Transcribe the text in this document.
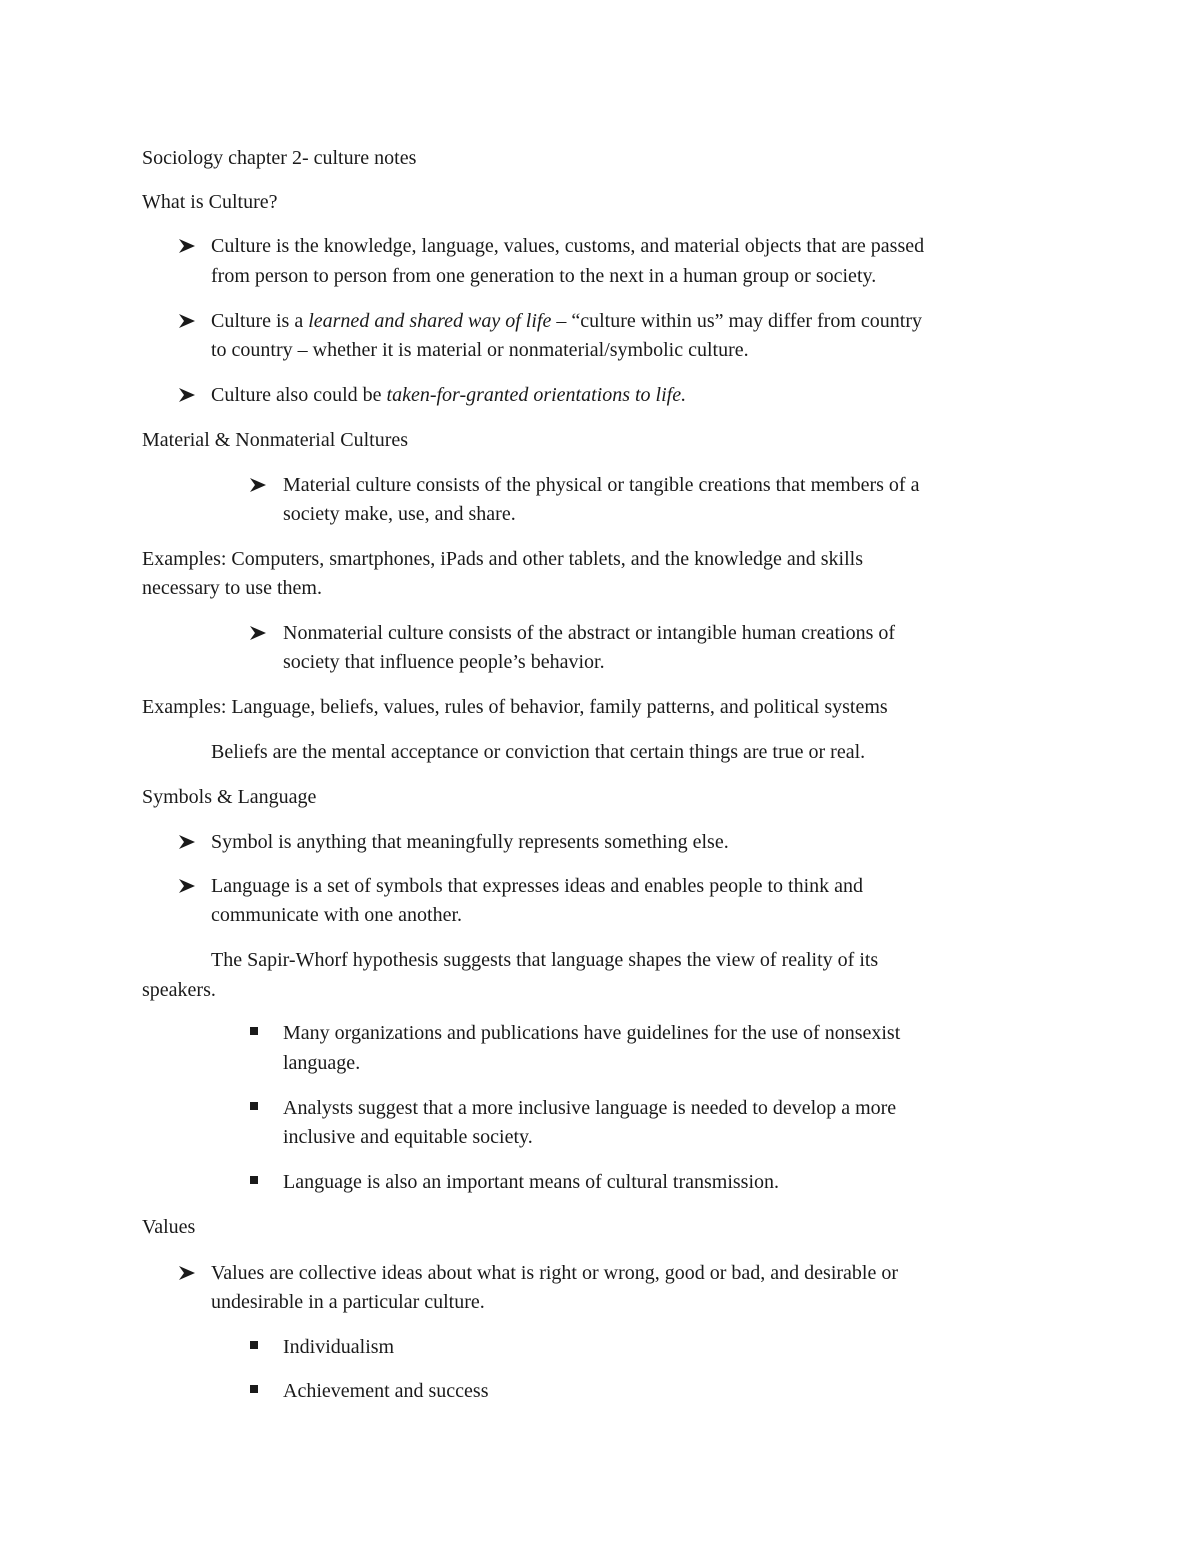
Sociology chapter 2- culture notes
What is Culture?
Culture is the knowledge, language, values, customs, and material objects that are passed
from person to person from one generation to the next in a human group or society.
Culture is a learned and shared way of life – “culture within us” may differ from country
to country – whether it is material or nonmaterial/symbolic culture.
Culture also could be taken-for-granted orientations to life.
Material & Nonmaterial Cultures
Material culture consists of the physical or tangible creations that members of a
society make, use, and share.
Examples: Computers, smartphones, iPads and other tablets, and the knowledge and skills
necessary to use them.
Nonmaterial culture consists of the abstract or intangible human creations of
society that influence people’s behavior.
Examples: Language, beliefs, values, rules of behavior, family patterns, and political systems
Beliefs are the mental acceptance or conviction that certain things are true or real.
Symbols & Language
Symbol is anything that meaningfully represents something else.
Language is a set of symbols that expresses ideas and enables people to think and
communicate with one another.
The Sapir-Whorf hypothesis suggests that language shapes the view of reality of its
speakers.
Many organizations and publications have guidelines for the use of nonsexist
language.
Analysts suggest that a more inclusive language is needed to develop a more
inclusive and equitable society.
Language is also an important means of cultural transmission.
Values
Values are collective ideas about what is right or wrong, good or bad, and desirable or
undesirable in a particular culture.
Individualism
Achievement and success
